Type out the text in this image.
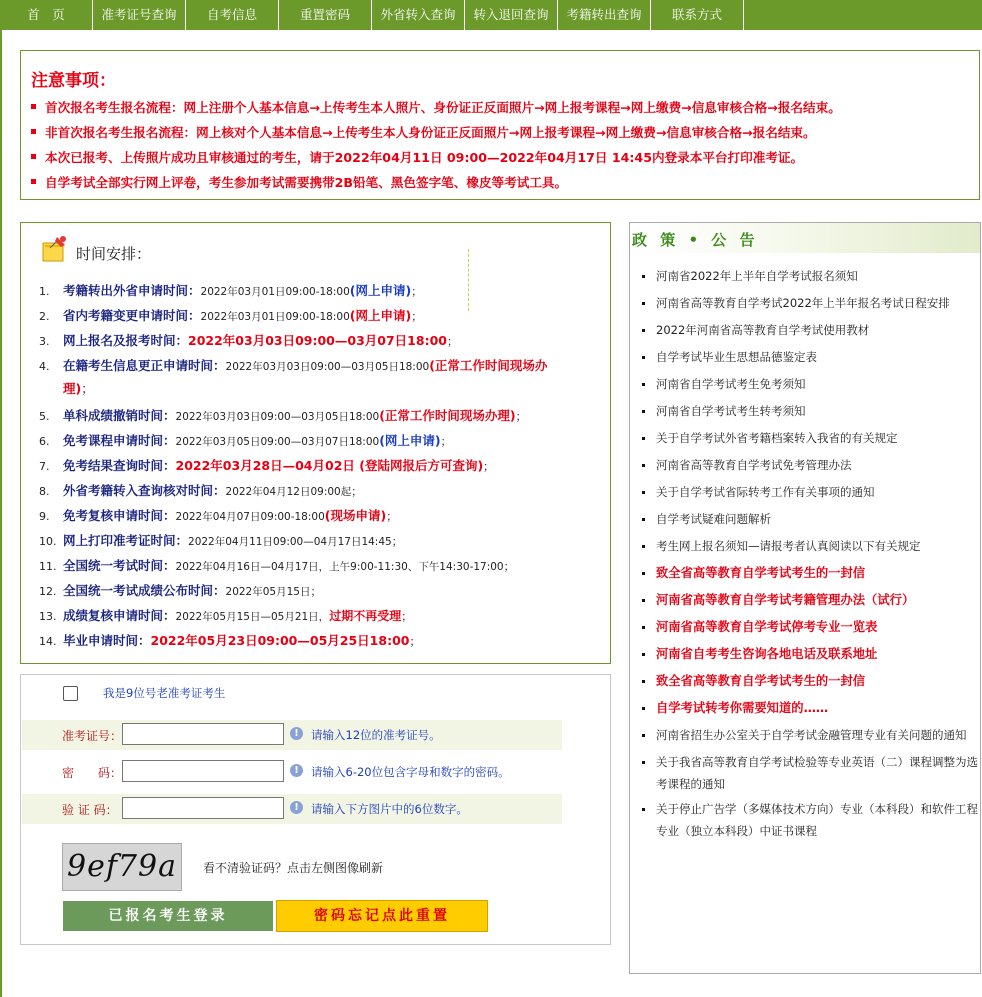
首　页	准考证号查询	自考信息	重置密码	外省转入查询	转入退回查询	考籍转出查询	联系方式
注意事项：
首次报名考生报名流程：网上注册个人基本信息→上传考生本人照片、身份证正反面照片→网上报考课程→网上缴费→信息审核合格→报名结束。
非首次报名考生报名流程：网上核对个人基本信息→上传考生本人身份证正反面照片→网上报考课程→网上缴费→信息审核合格→报名结束。
本次已报考、上传照片成功且审核通过的考生，请于2022年04月11日 09:00—2022年04月17日 14:45内登录本平台打印准考证。
自学考试全部实行网上评卷，考生参加考试需要携带2B铅笔、黑色签字笔、橡皮等考试工具。
时间安排：
1. 考籍转出外省申请时间：2022年03月01日09:00-18:00(网上申请)；
2. 省内考籍变更申请时间：2022年03月01日09:00-18:00(网上申请)；
3. 网上报名及报考时间：2022年03月03日09:00—03月07日18:00；
4. 在籍考生信息更正申请时间：2022年03月03日09:00—03月05日18:00(正常工作时间现场办
5. 单科成绩撤销时间：2022年03月03日09:00—03月05日18:00(正常工作时间现场办理)；
6. 免考课程申请时间：2022年03月05日09:00—03月07日18:00(网上申请)；
7. 免考结果查询时间：2022年03月28日—04月02日 (登陆网报后方可查询)；
8. 外省考籍转入查询核对时间：2022年04月12日09:00起；
9. 免考复核申请时间：2022年04月07日09:00-18:00(现场申请)；
10. 网上打印准考证时间：2022年04月11日09:00—04月17日14:45；
11. 全国统一考试时间：2022年04月16日—04月17日，上午9:00-11:30、下午14:30-17:00；
12. 全国统一考试成绩公布时间：2022年05月15日；
13. 成绩复核申请时间：2022年05月15日—05月21日，过期不再受理；
14. 毕业申请时间：2022年05月23日09:00—05月25日18:00；
理)；
我是9位号老准考证考生
准考证号：	!	请输入12位的准考证号。
密　　码：	!	请输入6-20位包含字母和数字的密码。
验 证 码：	!	请输入下方图片中的6位数字。
9ef79a	看不清验证码？点击左侧图像刷新
已报名考生登录	密码忘记点此重置
政 策 • 公 告
河南省2022年上半年自学考试报名须知
河南省高等教育自学考试2022年上半年报名考试日程安排
2022年河南省高等教育自学考试使用教材
自学考试毕业生思想品德鉴定表
河南省自学考试考生免考须知
河南省自学考试考生转考须知
关于自学考试外省考籍档案转入我省的有关规定
河南省高等教育自学考试免考管理办法
关于自学考试省际转考工作有关事项的通知
自学考试疑难问题解析
考生网上报名须知—请报考者认真阅读以下有关规定
致全省高等教育自学考试考生的一封信
河南省高等教育自学考试考籍管理办法（试行）
河南省高等教育自学考试停考专业一览表
河南省自考考生咨询各地电话及联系地址
致全省高等教育自学考试考生的一封信
自学考试转考你需要知道的……
河南省招生办公室关于自学考试金融管理专业有关问题的通知
关于我省高等教育自学考试检验等专业英语（二）课程调整为选考课程的通知
关于停止广告学（多媒体技术方向）专业（本科段）和软件工程专业（独立本科段）中证书课程
